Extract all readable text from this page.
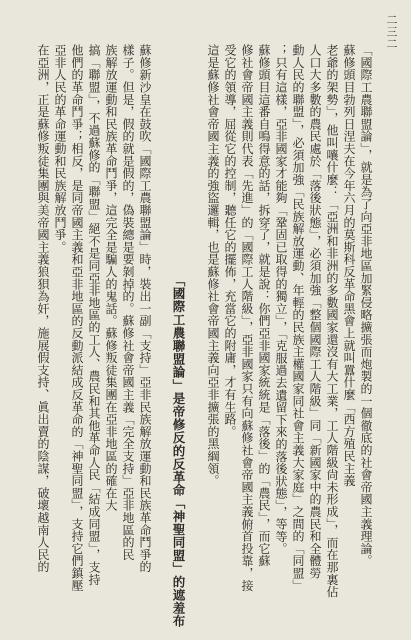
二三二
「國際工農聯盟論」，就是為了向亞非地區加緊侵略擴張而炮製的一個徹底的社會帝國主義理論。
蘇修頭目勃列日涅夫在今年六月的莫斯科反革命黑會上就叫囂什麼「西方殖民主義
老爺的架勢」，他叫嚷什麼：「亞洲和非洲的多數國家還沒有大工業，工人階級尙未形成」，而在那裏佔
人口大多數的農民處於「落後狀態」，必須加強「整個國際工人階級」同「新國家中的農民和全體勞
動人民的聯盟」，必須加強「民族解放運動、年輕的民族主權國家同社會主義大家庭」之間的「同盟」
；只有這樣，亞非國家才能夠「鞏固已取得的獨立」，「克服過去遺留下來的落後狀態」，等等。
蘇修頭目這番自鳴得意的話，拆穿了，就是說：你們亞非國家統統是「落後」的「農民」，而它蘇
修社會帝國主義則代表「先進」的「國際工人階級」，亞非國家只有向蘇修社會帝國主義俯首投靠，接
受它的領導，屈從它的控制，聽任它的擺佈，充當它的附庸，才有生路。
這是蘇修社會帝國主義的強盜邏輯，也是蘇修社會帝國主義向亞非擴張的黑綱領。
「國際工農聯盟論」是帝修反的反革命「神聖同盟」的遮羞布
蘇修新沙皇在鼓吹「國際工農聯盟論」時，裝出一副「支持」亞非民族解放運動和民族革命鬥爭的
樣子。但是，假的就是假的，偽裝總是要剝掉的。蘇修社會帝國主義「完全支持」亞非地區的民
族解放運動和民族革命鬥爭，這完全是騙人的鬼話。蘇修叛徒集團在亞非地區的確在大
搞「聯盟」，不過蘇修的「聯盟」絕不是同亞非地區的工人、農民和其他革命人民「結成同盟」，支持
他們的革命鬥爭；相反，是同帝國主義和亞非地區的反動派結成反革命的「神聖同盟」，支持它們鎮壓
亞非人民的革命運動和民族解放鬥爭。
在亞洲，正是蘇修叛徒集團與美帝國主義狼狽為奸，施展假支持、眞出賣的陰謀，破壞越南人民的
